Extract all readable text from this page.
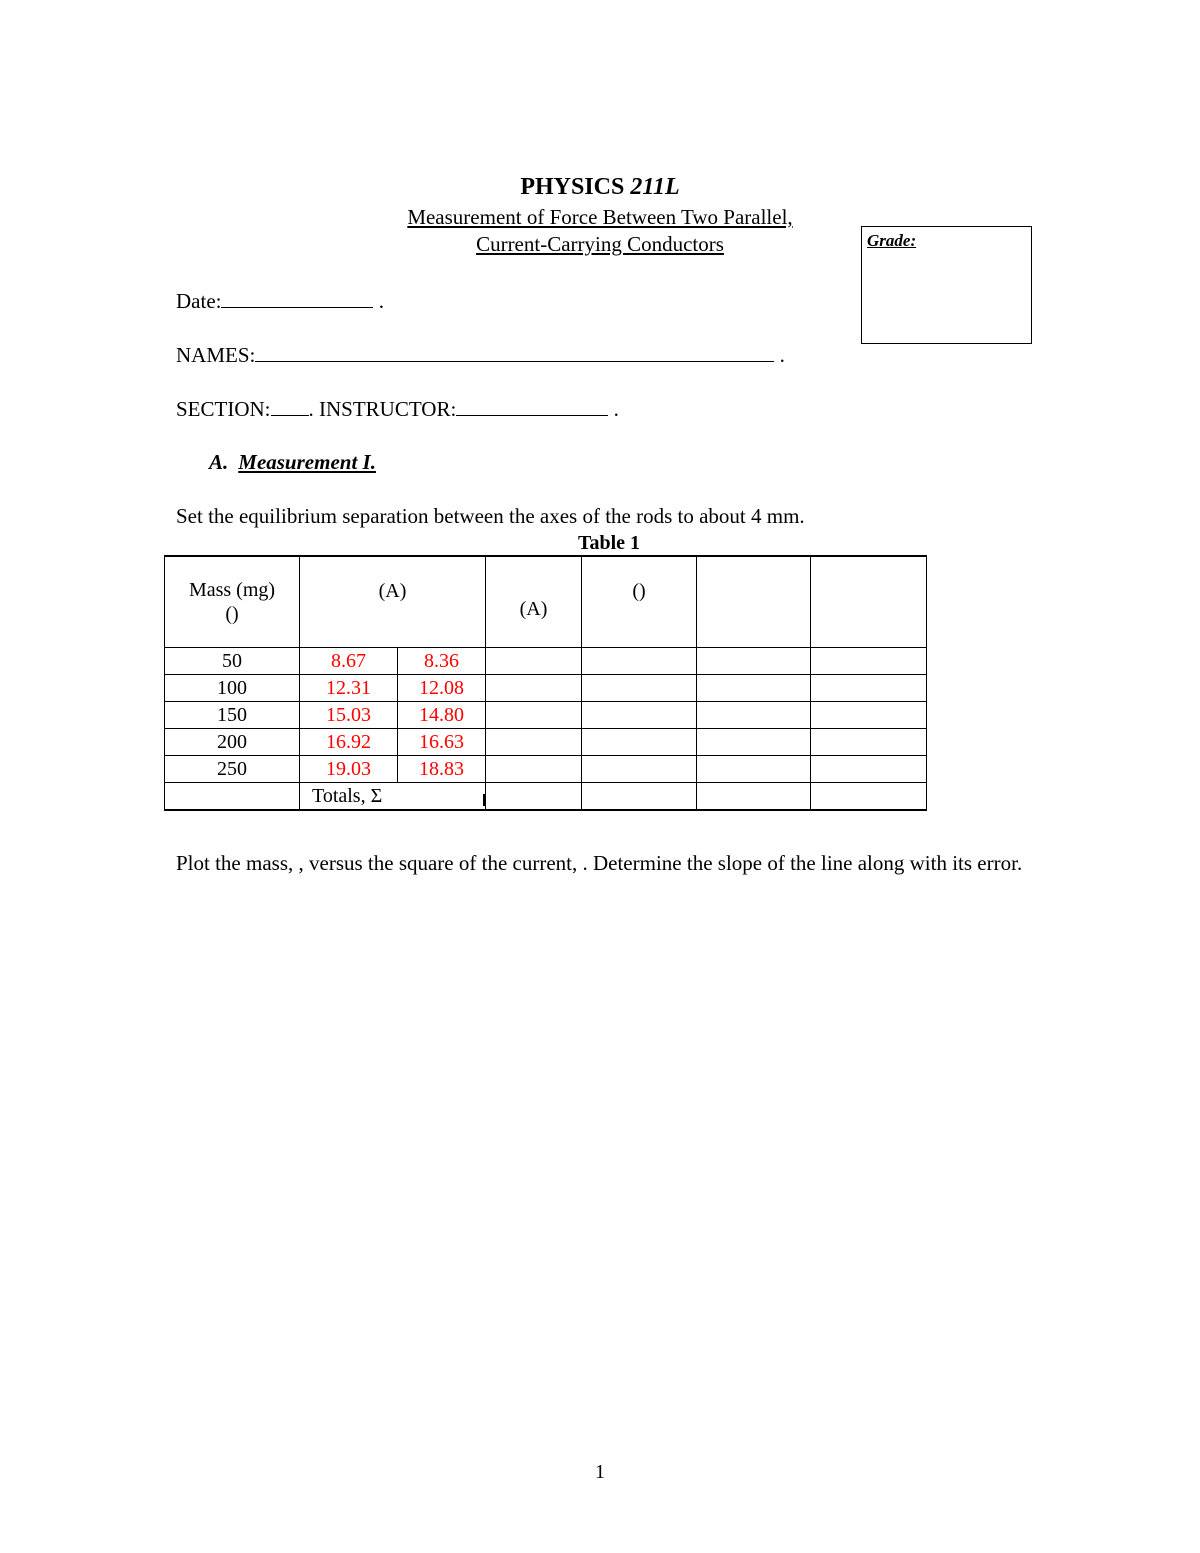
PHYSICS 211L
Measurement of Force Between Two Parallel,
Current-Carrying Conductors	Grade:
Date:	.
NAMES:	.
SECTION: . INSTRUCTOR:	.
A. Measurement I.
Set the equilibrium separation between the axes of the rods to about 4 mm.
Table 1
Mass (mg)
()	(A)		(A)	()		
50	8.67	8.36				
100	12.31	12.08				
150	15.03	14.80				
200	16.92	16.63				
250	19.03	18.83				
	Totals, Σ					
Plot the mass, , versus the square of the current, . Determine the slope of the line along with its error.
1
